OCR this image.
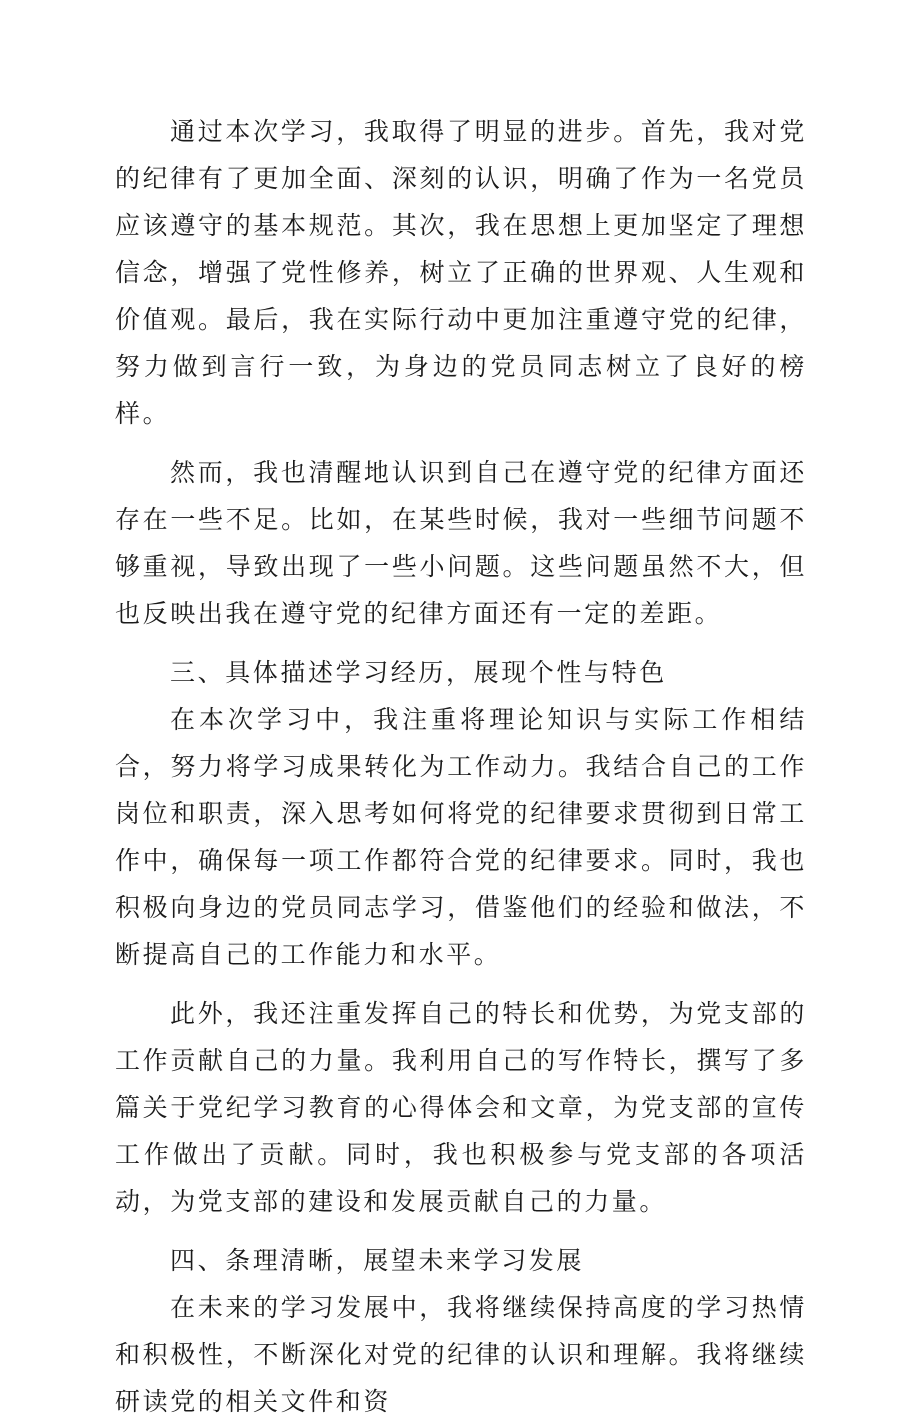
通过本次学习，我取得了明显的进步。首先，我对党的纪律有了更加全面、深刻的认识，明确了作为一名党员应该遵守的基本规范。其次，我在思想上更加坚定了理想信念，增强了党性修养，树立了正确的世界观、人生观和价值观。最后，我在实际行动中更加注重遵守党的纪律，努力做到言行一致，为身边的党员同志树立了良好的榜样。

然而，我也清醒地认识到自己在遵守党的纪律方面还存在一些不足。比如，在某些时候，我对一些细节问题不够重视，导致出现了一些小问题。这些问题虽然不大，但也反映出我在遵守党的纪律方面还有一定的差距。

三、具体描述学习经历，展现个性与特色

在本次学习中，我注重将理论知识与实际工作相结合，努力将学习成果转化为工作动力。我结合自己的工作岗位和职责，深入思考如何将党的纪律要求贯彻到日常工作中，确保每一项工作都符合党的纪律要求。同时，我也积极向身边的党员同志学习，借鉴他们的经验和做法，不断提高自己的工作能力和水平。

此外，我还注重发挥自己的特长和优势，为党支部的工作贡献自己的力量。我利用自己的写作特长，撰写了多篇关于党纪学习教育的心得体会和文章，为党支部的宣传工作做出了贡献。同时，我也积极参与党支部的各项活动，为党支部的建设和发展贡献自己的力量。

四、条理清晰，展望未来学习发展

在未来的学习发展中，我将继续保持高度的学习热情和积极性，不断深化对党的纪律的认识和理解。我将继续研读党的相关文件和资
